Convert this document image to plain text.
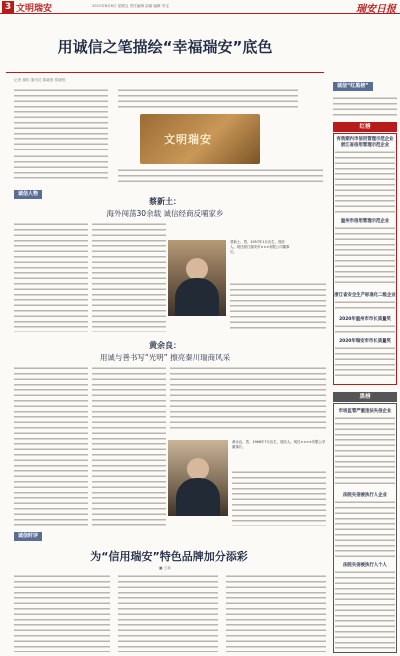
3 文明瑞安	2021年8月6日 星期五 责任编辑 邵丽 编辑 安宝	瑞安日报
用诚信之笔描绘“幸福瑞安”底色
记者 谢杭 通讯员 陈晓惠 郑晓悦
文明瑞安
诚信人物
蔡新土：
海外闯荡30余载 诚信经商反哺家乡
蔡新土，男，1957年1月出生，瑞安人。现任浙江瑞安市×××有限公司董事长。
黄余良：
用诚与善书写“光明” 擦亮秦川瑞商风采
黄余良，男，1966年7月出生，瑞安人。现任××××有限公司董事长。
诚信时评
为“信用瑞安”特色品牌加分添彩
■ 王新
诚信“红黑榜”
红榜
有效期内市信用管理示范企业
浙江省信用管理示范企业
温州市信用管理示范企业
浙江省安全生产标准化二级企业
2020年温州市市长质量奖
2020年瑞安市市长质量奖
黑榜
市场监管严重违法失信企业
法院失信被执行人企业
法院失信被执行人个人
